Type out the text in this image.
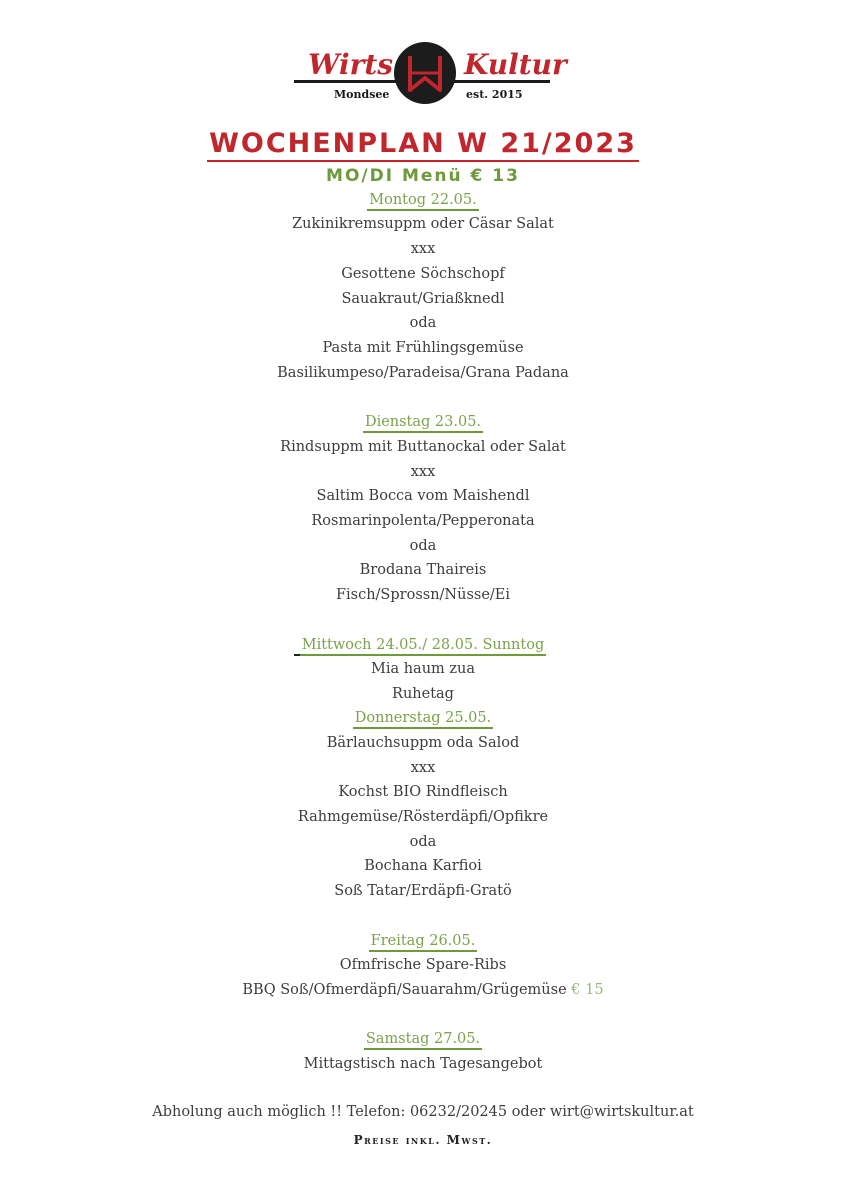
Wirts	Kultur
Mondsee	est. 2015
WOCHENPLAN W 21/2023
MO/DI Menü € 13
Montog 22.05.
Zukinikremsuppm oder Cäsar Salat
xxx
Gesottene Söchschopf
Sauakraut/Griaßknedl
oda
Pasta mit Frühlingsgemüse
Basilikumpeso/Paradeisa/Grana Padana
Dienstag 23.05.
Rindsuppm mit Buttanockal oder Salat
xxx
Saltim Bocca vom Maishendl
Rosmarinpolenta/Pepperonata
oda
Brodana Thaireis
Fisch/Sprossn/Nüsse/Ei
Mittwoch 24.05./ 28.05. Sunntog
Mia haum zua
Ruhetag
Donnerstag 25.05.
Bärlauchsuppm oda Salod
xxx
Kochst BIO Rindfleisch
Rahmgemüse/Rösterdäpfi/Opfikre
oda
Bochana Karfioi
Soß Tatar/Erdäpfi-Gratö
Freitag 26.05.
Ofmfrische Spare-Ribs
BBQ Soß/Ofmerdäpfi/Sauarahm/Grügemüse € 15
Samstag 27.05.
Mittagstisch nach Tagesangebot
Abholung auch möglich !! Telefon: 06232/20245 oder wirt@wirtskultur.at
Preise inkl. Mwst.
